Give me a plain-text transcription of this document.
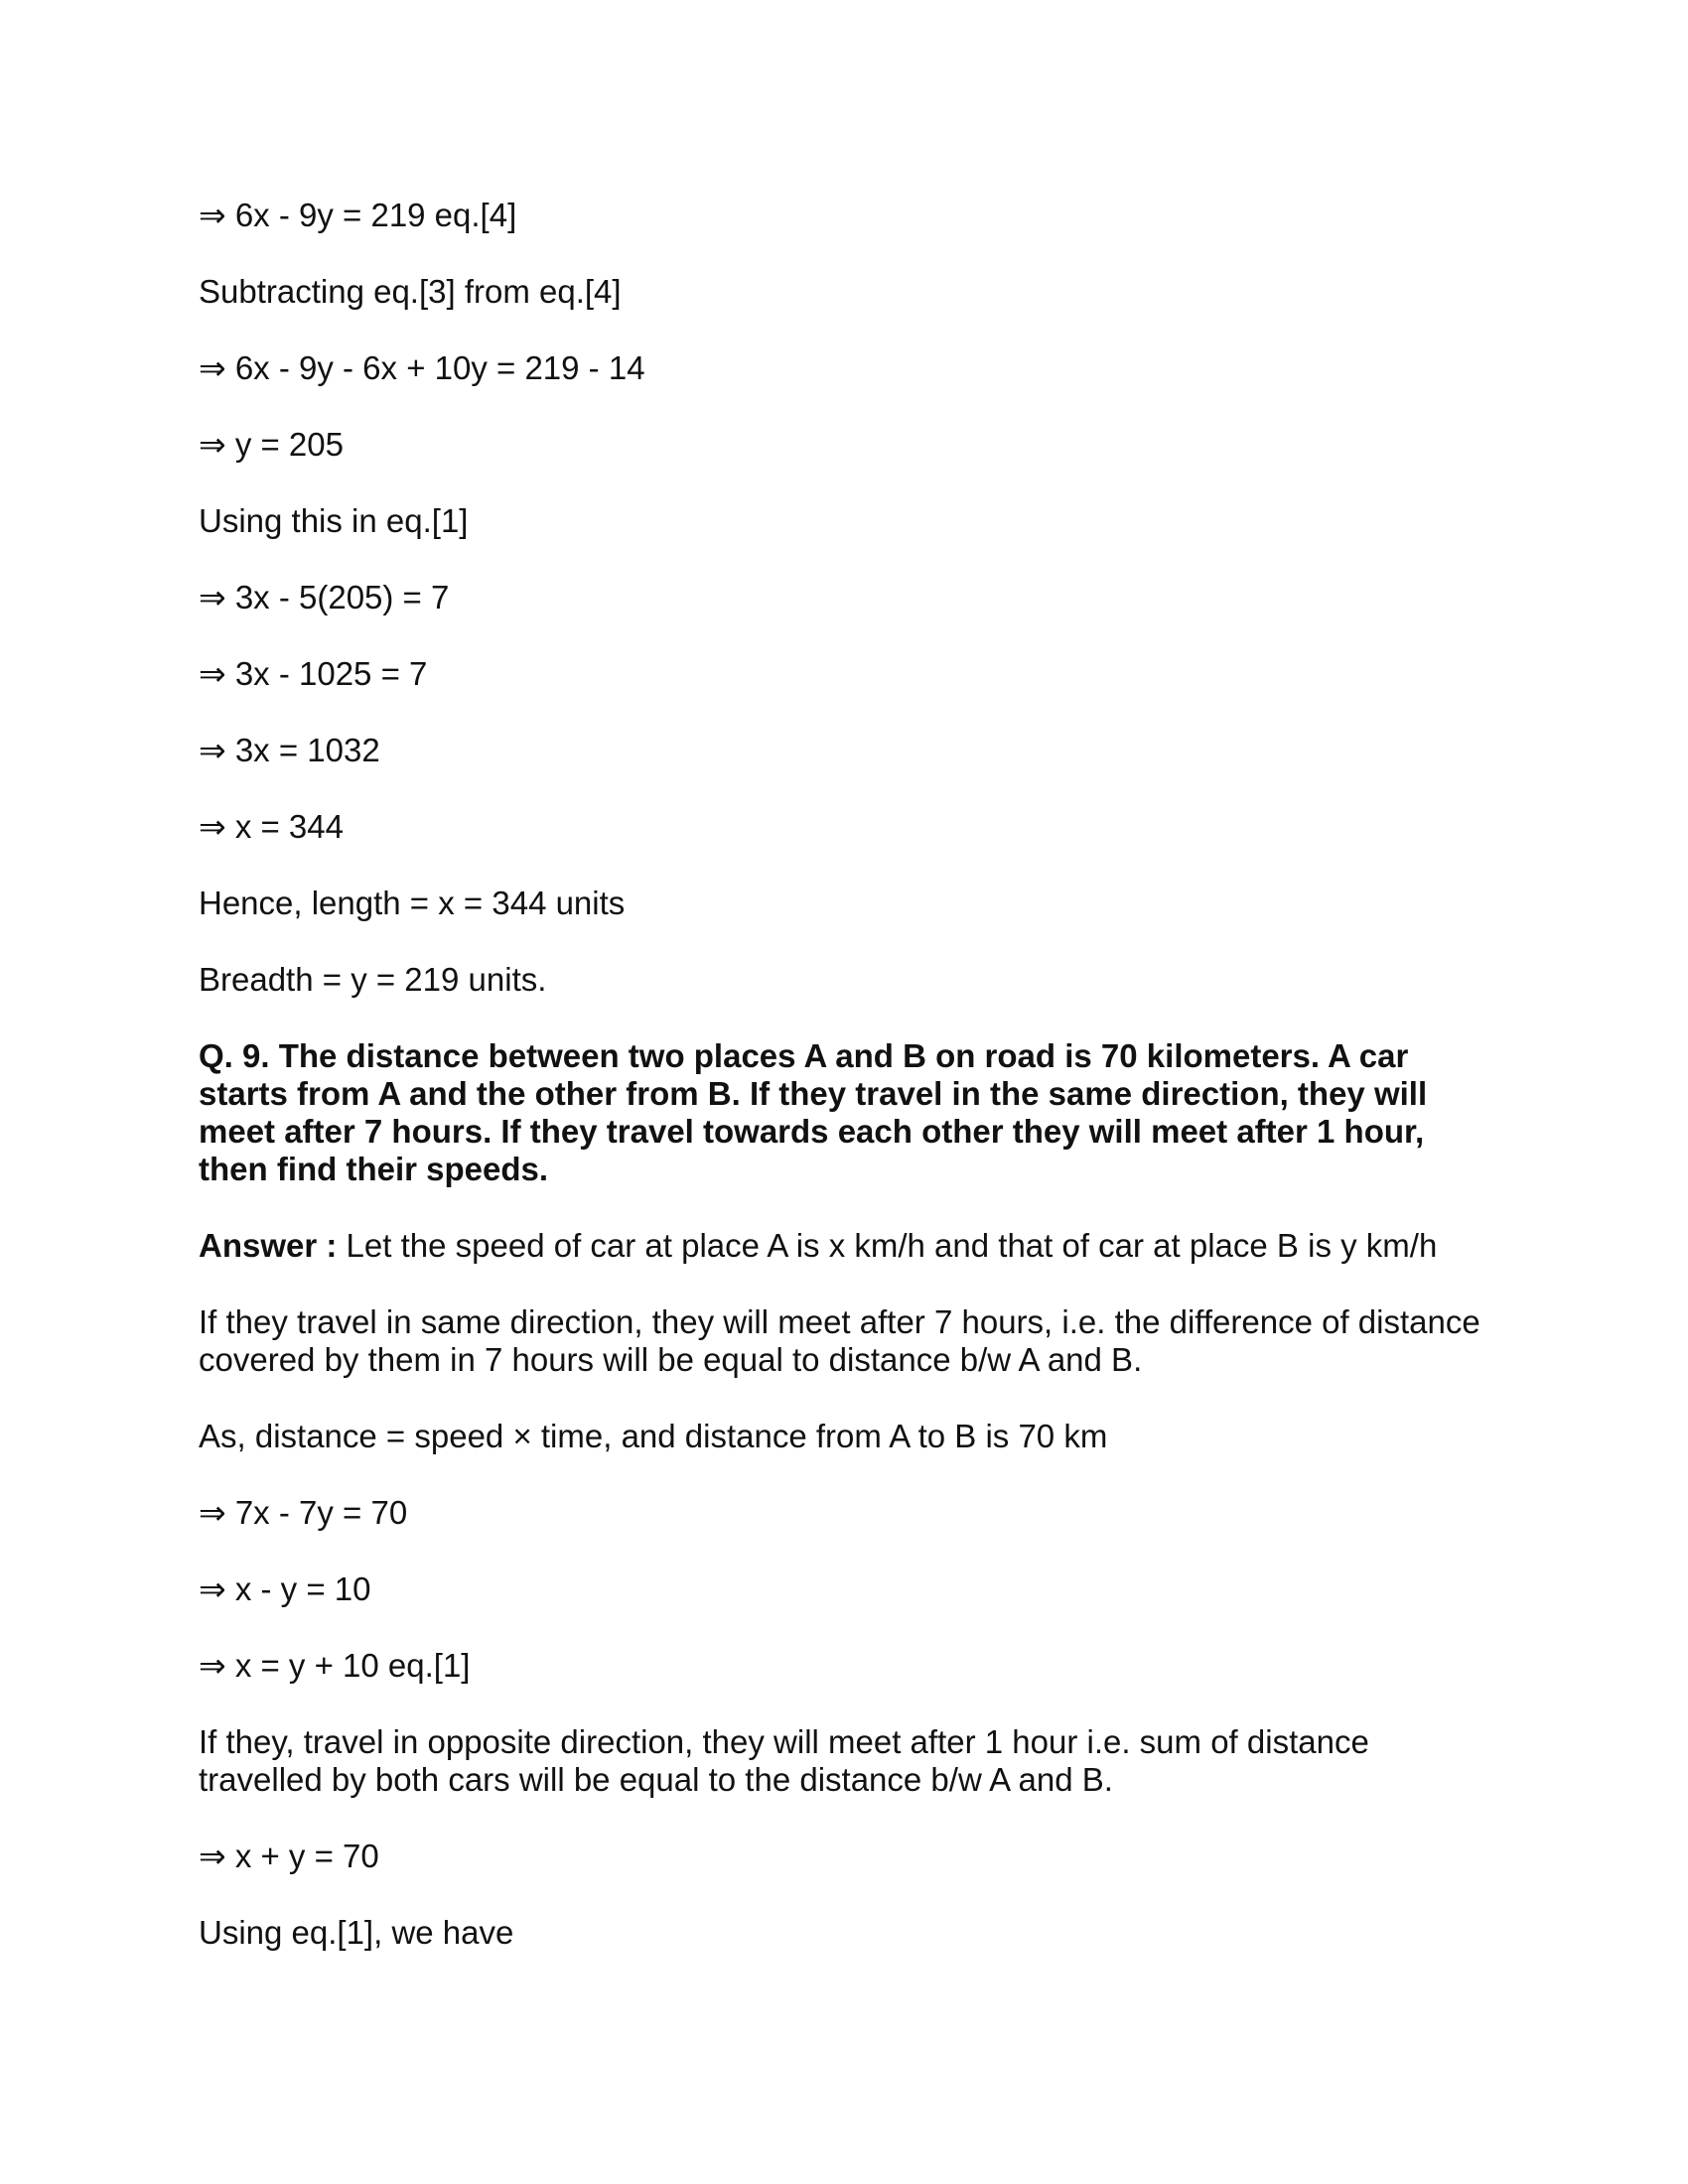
⇒ 6x - 9y = 219 eq.[4]
Subtracting eq.[3] from eq.[4]
⇒ 6x - 9y - 6x + 10y = 219 - 14
⇒ y = 205
Using this in eq.[1]
⇒ 3x - 5(205) = 7
⇒ 3x - 1025 = 7
⇒ 3x = 1032
⇒ x = 344
Hence, length = x = 344 units
Breadth = y = 219 units.
Q. 9. The distance between two places A and B on road is 70 kilometers. A car starts from A and the other from B. If they travel in the same direction, they will meet after 7 hours. If they travel towards each other they will meet after 1 hour, then find their speeds.
Answer : Let the speed of car at place A is x km/h and that of car at place B is y km/h
If they travel in same direction, they will meet after 7 hours, i.e. the difference of distance covered by them in 7 hours will be equal to distance b/w A and B.
As, distance = speed × time, and distance from A to B is 70 km
⇒ 7x - 7y = 70
⇒ x - y = 10
⇒ x = y + 10 eq.[1]
If they, travel in opposite direction, they will meet after 1 hour i.e. sum of distance travelled by both cars will be equal to the distance b/w A and B.
⇒ x + y = 70
Using eq.[1], we have
